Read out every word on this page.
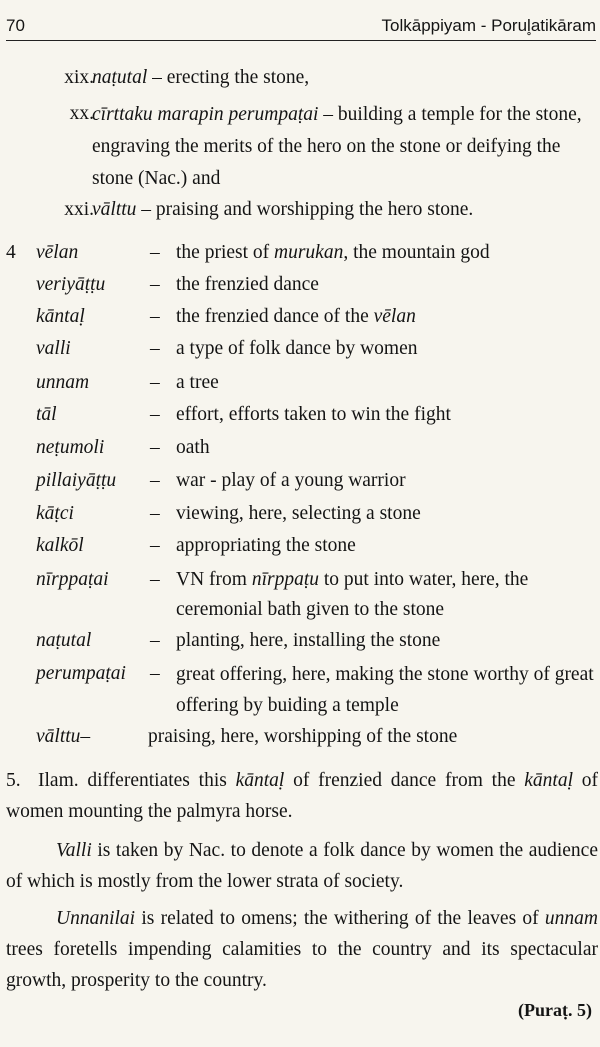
70	Tolkāppiyam - Porul̥atikāram
xix.
naṭutal – erecting the stone,
xx.
cīrttaku marapin perumpaṭai – building a temple for the stone, engraving the merits of the hero on the stone or deifying the stone (Nac.) and
xxi.
vālttu – praising and worshipping the hero stone.
4 vēlan	– the priest of murukan, the mountain god
veriyāṭṭu – the frenzied dance
kāntaḷ	– the frenzied dance of the vēlan
valli	– a type of folk dance by women
unnam	– a tree
tāl	– effort, efforts taken to win the fight
neṭumoli – oath
pillaiyāṭṭu – war - play of a young warrior
kāṭci	– viewing, here, selecting a stone
kalkōl	– appropriating the stone
nīrppaṭai – VN from nīrppaṭu to put into water, here, the ceremonial bath given to the stone
naṭutal	– planting, here, installing the stone
perumpaṭai – great offering, here, making the stone worthy of great offering by buiding a temple
vālttu–	praising, here, worshipping of the stone
5. Ilam. differentiates this kāntaḷ of frenzied dance from the kāntaḷ of women mounting the palmyra horse.
Valli is taken by Nac. to denote a folk dance by women the audience of which is mostly from the lower strata of society.
Unnanilai is related to omens; the withering of the leaves of unnam trees foretells impending calamities to the country and its spectacular growth, prosperity to the country.
(Puraṭ. 5)
